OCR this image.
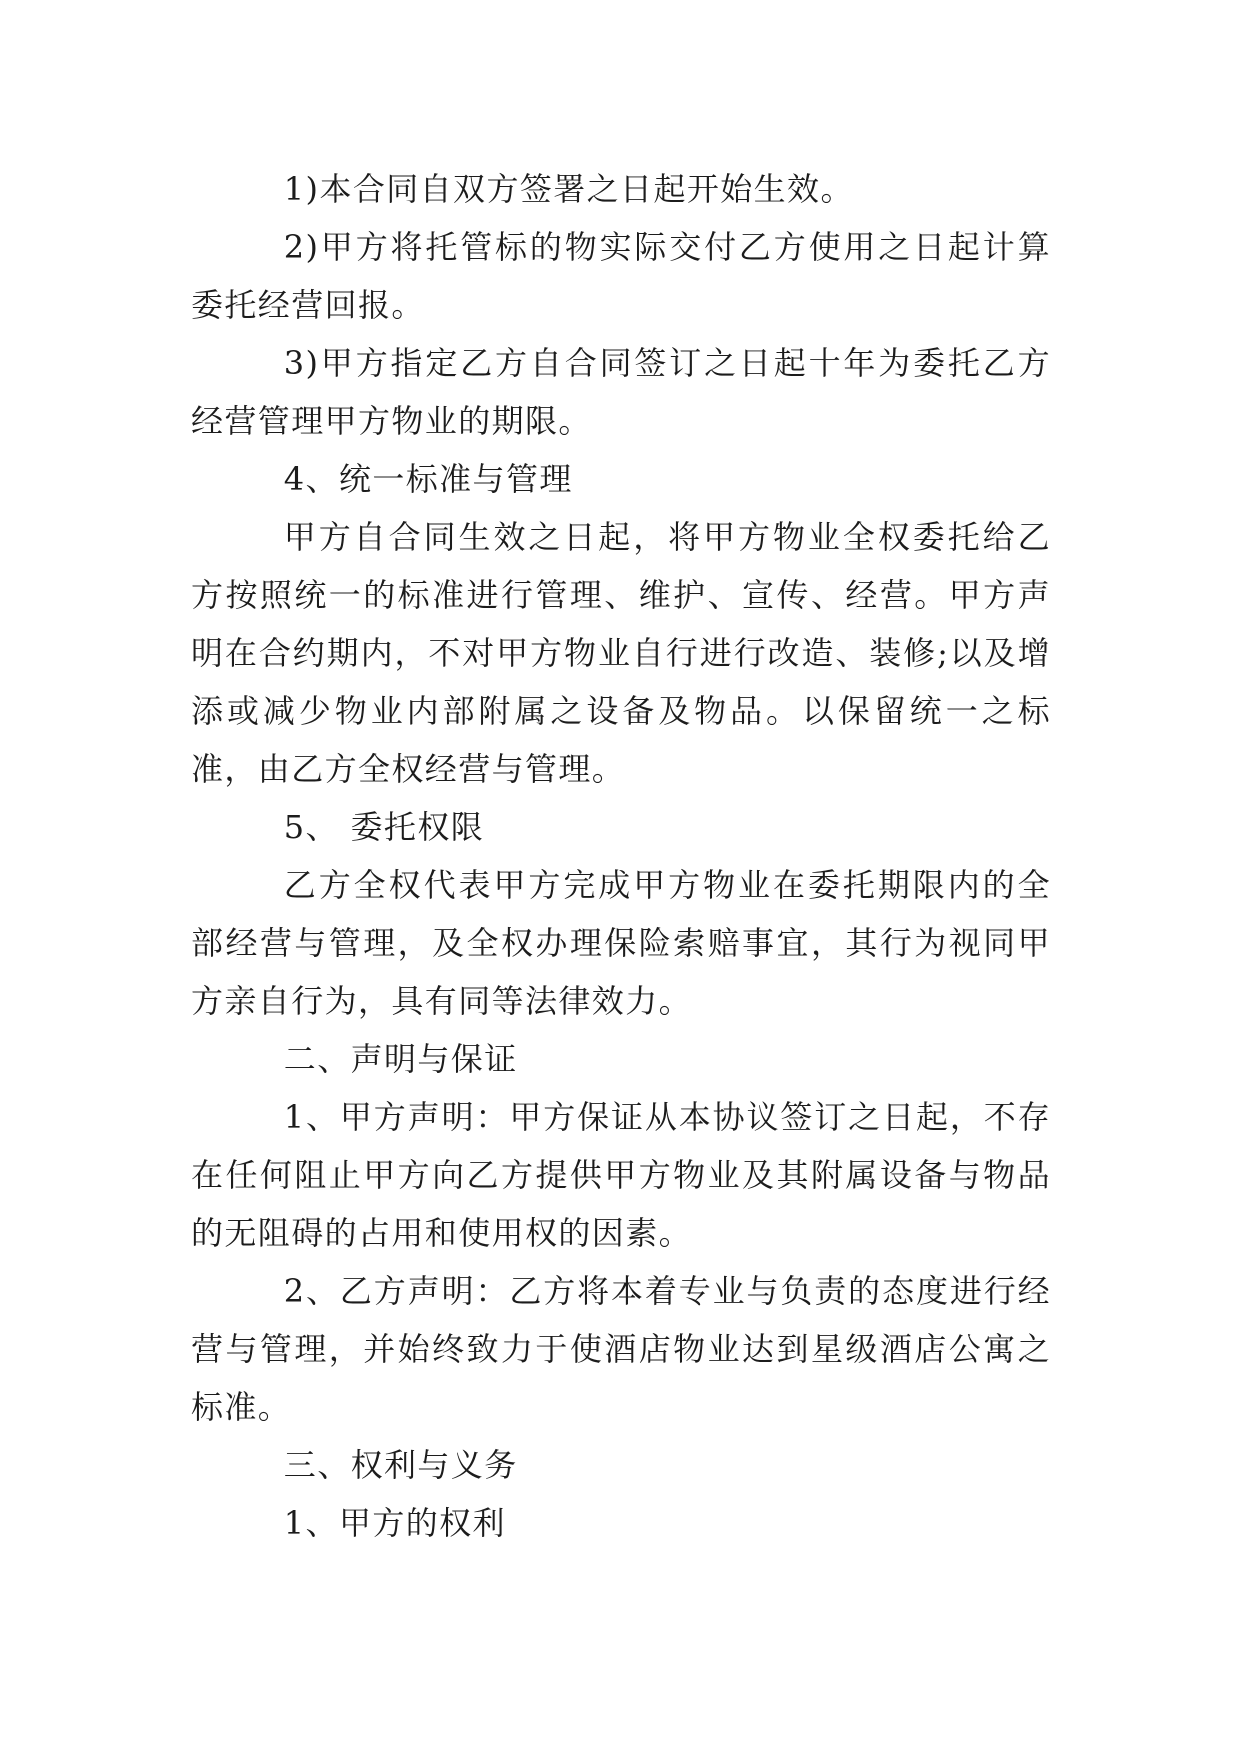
1)本合同自双方签署之日起开始生效。

2)甲方将托管标的物实际交付乙方使用之日起计算委托经营回报。

3)甲方指定乙方自合同签订之日起十年为委托乙方经营管理甲方物业的期限。

4、统一标准与管理

甲方自合同生效之日起，将甲方物业全权委托给乙方按照统一的标准进行管理、维护、宣传、经营。甲方声明在合约期内，不对甲方物业自行进行改造、装修;以及增添或减少物业内部附属之设备及物品。以保留统一之标准，由乙方全权经营与管理。

5、 委托权限

乙方全权代表甲方完成甲方物业在委托期限内的全部经营与管理，及全权办理保险索赔事宜，其行为视同甲方亲自行为，具有同等法律效力。

二、声明与保证

1、甲方声明：甲方保证从本协议签订之日起，不存在任何阻止甲方向乙方提供甲方物业及其附属设备与物品的无阻碍的占用和使用权的因素。

2、乙方声明：乙方将本着专业与负责的态度进行经营与管理，并始终致力于使酒店物业达到星级酒店公寓之标准。

三、权利与义务

1、甲方的权利
